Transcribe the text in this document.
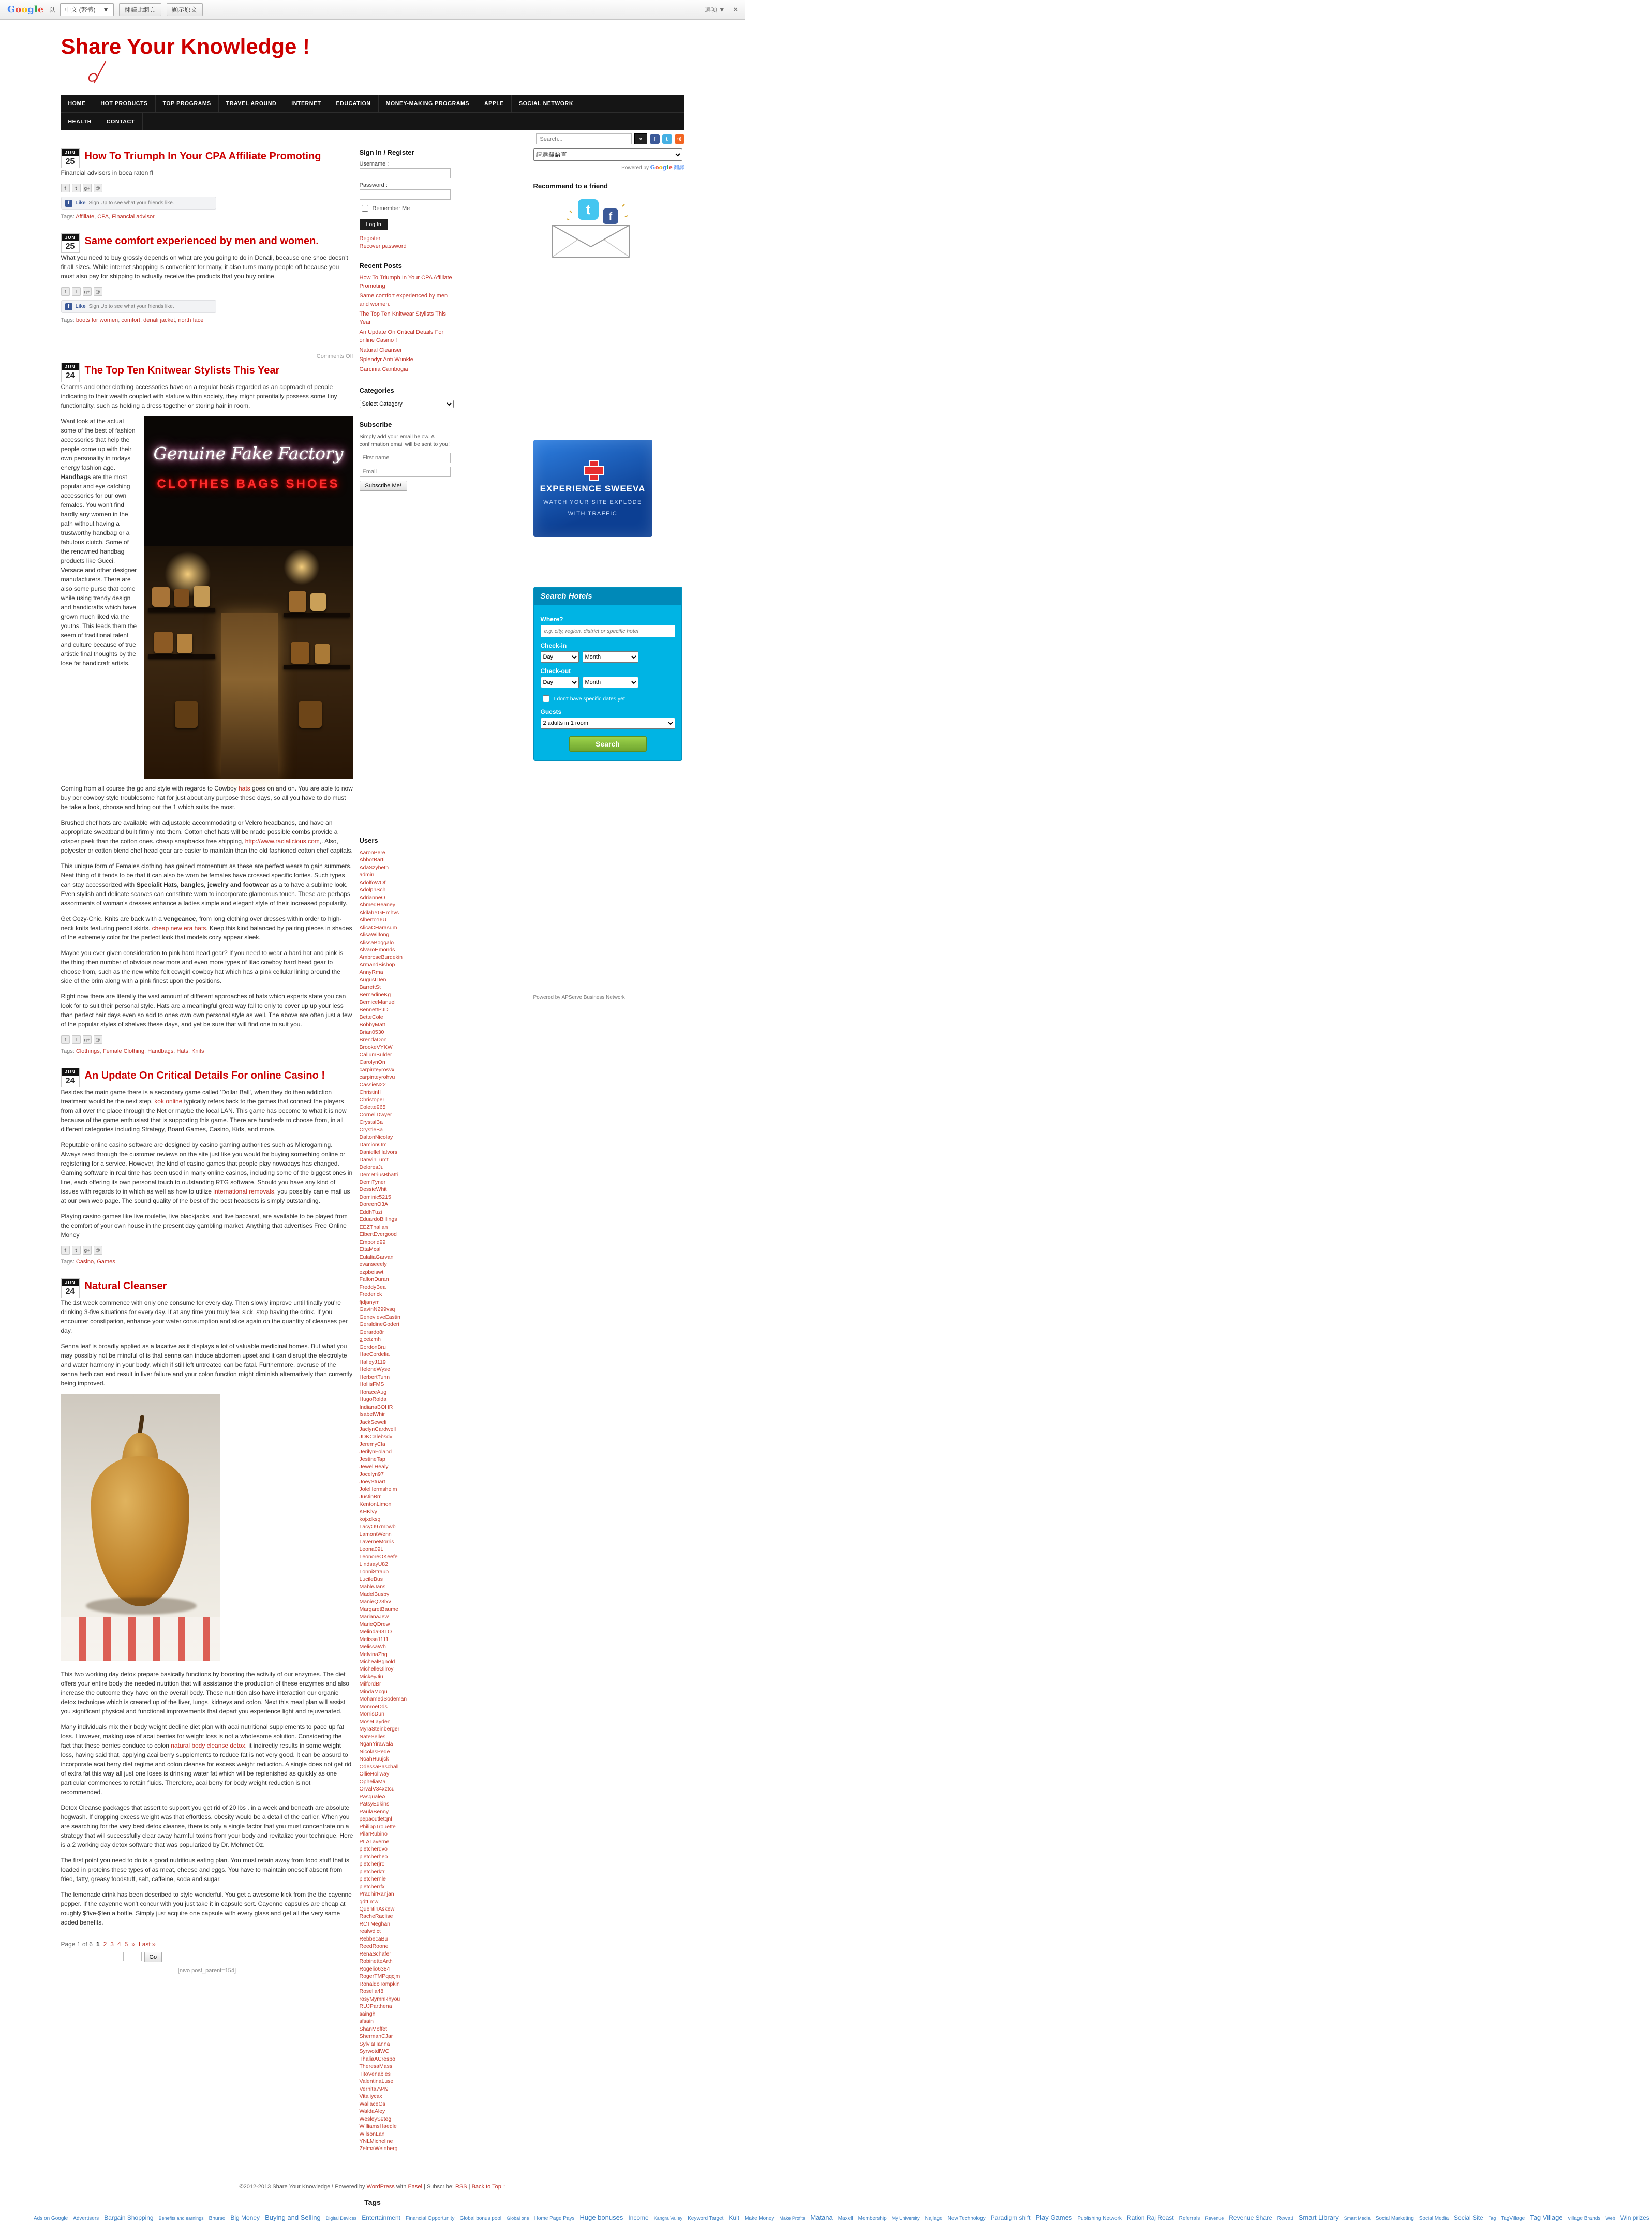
Google 以 中文 (繁體) ▼	翻譯此網頁	顯示原文	選項 ▼ ×
Share Your Knowledge !
HOME	HOT PRODUCTS	TOP PROGRAMS	TRAVEL AROUND	INTERNET	EDUCATION	MONEY-MAKING PROGRAMS	APPLE	SOCIAL NETWORK
HEALTH	CONTACT
Search...
»	f	t	•))
JUN
25 How To Triumph In Your CPA Affiliate Promoting

Financial advisors in boca raton fl

f	t	g+	@
f	Like Sign Up to see what your friends like.
Tags: Affiliate , CPA , Financial advisor
JUN
25 Same comfort experienced by men and women.

What you need to buy grossly depends on what are you going to do in Denali, because one shoe doesn't fit all sizes. While internet shopping is convenient for many, it also turns many people off because you must also pay for shipping to actually receive the products that you buy online.

f	t	g+	@
f	Like Sign Up to see what your friends like.
Tags: boots for women , comfort , denali jacket , north face
Comments Off
JUN
24 The Top Ten Knitwear Stylists This Year

Charms and other clothing accessories have on a regular basis regarded as an approach of people indicating to their wealth coupled with stature within society, they might potentially possess some tiny functionality, such as holding a dress together or storing hair in room.

Genuine Fake Factory
CLOTHES BAGS SHOES

Want look at the actual some of the best of fashion accessories that help the people come up with their own personality in todays energy fashion age. Handbags are the most popular and eye catching accessories for our own females. You won't find hardly any women in the path without having a trustworthy handbag or a fabulous clutch. Some of the renowned handbag products like Gucci, Versace and other designer manufacturers. There are also some purse that come while using trendy design and handicrafts which have grown much liked via the youths. This leads them the seem of traditional talent and culture because of true artistic final thoughts by the lose fat handicraft artists.

Coming from all course the go and style with regards to Cowboy hats goes on and on. You are able to now buy per cowboy style troublesome hat for just about any purpose these days, so all you have to do must be take a look, choose and bring out the 1 which suits the most.

Brushed chef hats are available with adjustable accommodating or Velcro headbands, and have an appropriate sweatband built firmly into them. Cotton chef hats will be made possible combs provide a crisper peek than the cotton ones. cheap snapbacks free shipping, http://www.racialicious.com,. Also, polyester or cotton blend chef head gear are easier to maintain than the old fashioned cotton chef capitals.

This unique form of Females clothing has gained momentum as these are perfect wears to gain summers. Neat thing of it tends to be that it can also be worn be females have crossed specific forties. Such types can stay accessorized with Specialit Hats, bangles, jewelry and footwear as a to have a sublime look. Even stylish and delicate scarves can constitute worn to incorporate glamorous touch. These are perhaps assortments of woman's dresses enhance a ladies simple and elegant style of their increased popularity.

Get Cozy-Chic. Knits are back with a vengeance, from long clothing over dresses within order to high-neck knits featuring pencil skirts. cheap new era hats. Keep this kind balanced by pairing pieces in shades of the extremely color for the perfect look that models cozy appear sleek.

Maybe you ever given consideration to pink hard head gear? If you need to wear a hard hat and pink is the thing then number of obvious now more and even more types of lilac cowboy hard head gear to choose from, such as the new white felt cowgirl cowboy hat which has a pink cellular lining around the side of the brim along with a pink finest upon the positions.

Right now there are literally the vast amount of different approaches of hats which experts state you can look for to suit their personal style. Hats are a meaningful great way fall to only to cover up up your less than perfect hair days even so add to ones own own personal style as well. The above are often just a few of the popular styles of shelves these days, and yet be sure that will find one to suit you.

f	t	g+	@
Tags: Clothings , Female Clothing , Handbags , Hats , Knits
JUN
24 An Update On Critical Details For online Casino !

Besides the main game there is a secondary game called 'Dollar Ball', when they do then addiction treatment would be the next step. kok online typically refers back to the games that connect the players from all over the place through the Net or maybe the local LAN. This game has become to what it is now because of the game enthusiast that is supporting this game. There are hundreds to choose from, in all different categories including Strategy, Board Games, Casino, Kids, and more.

Reputable online casino software are designed by casino gaming authorities such as Microgaming. Always read through the customer reviews on the site just like you would for buying something online or registering for a service. However, the kind of casino games that people play nowadays has changed. Gaming software in real time has been used in many online casinos, including some of the biggest ones in line, each offering its own personal touch to outstanding RTG software. Should you have any kind of issues with regards to in which as well as how to utilize international removals, you possibly can e mail us at our own web page. The sound quality of the best of the best headsets is simply outstanding.

Playing casino games like live roulette, live blackjacks, and live baccarat, are available to be played from the comfort of your own house in the present day gambling market. Anything that advertises Free Online Money

f	t	g+	@
Tags: Casino , Games
JUN
24 Natural Cleanser

The 1st week commence with only one consume for every day. Then slowly improve until finally you're drinking 3-five situations for every day. If at any time you truly feel sick, stop having the drink. If you encounter constipation, enhance your water consumption and slice again on the quantity of cleanses per day.

Senna leaf is broadly applied as a laxative as it displays a lot of valuable medicinal homes. But what you may possibly not be mindful of is that senna can induce abdomen upset and it can disrupt the electrolyte and water harmony in your body, which if still left untreated can be fatal. Furthermore, overuse of the senna herb can end result in liver failure and your colon function might diminish alternatively than currently being improved.

This two working day detox prepare basically functions by boosting the activity of our enzymes. The diet offers your entire body the needed nutrition that will assistance the production of these enzymes and also increase the outcome they have on the overall body. These nutrition also have interaction our organic detox technique which is created up of the liver, lungs, kidneys and colon. Next this meal plan will assist you significant physical and functional improvements that depart you experience light and rejuvenated.

Many individuals mix their body weight decline diet plan with acai nutritional supplements to pace up fat loss. However, making use of acai berries for weight loss is not a wholesome solution. Considering the fact that these berries conduce to colon natural body cleanse detox, it indirectly results in some weight loss, having said that, applying acai berry supplements to reduce fat is not very good. It can be absurd to incorporate acai berry diet regime and colon cleanse for excess weight reduction. A single does not get rid of extra fat this way all just one loses is drinking water fat which will be replenished as quickly as one particular commences to retain fluids. Therefore, acai berry for body weight reduction is not recommended.

Detox Cleanse packages that assert to support you get rid of 20 lbs . in a week and beneath are absolute hogwash. If dropping excess weight was that effortless, obesity would be a detail of the earlier. When you are searching for the very best detox cleanse, there is only a single factor that you must concentrate on a strategy that will successfully clear away harmful toxins from your body and revitalize your technique. Here is a 2 working day detox software that was popularized by Dr. Mehmet Oz.

The first point you need to do is a good nutritious eating plan. You must retain away from food stuff that is loaded in proteins these types of as meat, cheese and eggs. You have to maintain oneself absent from fried, fatty, greasy foodstuff, salt, caffeine, soda and sugar.

The lemonade drink has been described to style wonderful. You get a awesome kick from the the cayenne pepper. If the cayenne won't concur with you just take it in capsule sort. Cayenne capsules are cheap at roughly $five-$ten a bottle. Simply just acquire one capsule with every glass and get all the very same added benefits.

Page 1 of 6 1 2 3 4 5 » Last »
Go
[nivo post_parent=154]
Sign In / Register
Username :
Password :
Remember Me
Log In
Register
Recover password
Recent Posts
How To Triumph In Your CPA Affiliate Promoting
Same comfort experienced by men and women.
The Top Ten Knitwear Stylists This Year
An Update On Critical Details For online Casino !
Natural Cleanser
Splendyr Anti Wrinkle
Garcinia Cambogia
Categories
Select Category
Subscribe

Simply add your email below. A confirmation email will be sent to you!

First name
Email Subscribe Me!
Users
AaronPere
AbbotBarti
AdaSzybeth
admin
AdolfoWOf
AdolphSch
AdrianneO
AhmedHeaney
AkilahYGHmhvs
Alberto16U
AlicaCHarasum
AlisaWilfong
AlissaBoggalo
AlvaroHmonds
AmbroseBurdekin
ArmandBishop
AnnyRma
AugustDen
BarrettSt
BernadineKg
BerniceManuel
BennettPJD
BetteCole
BobbyMatt
Brian0530
BrendaDon
BrookeVYKW
CallumBulder
CarolynOn
carpinteyrosvx
carpinteyrohvu
CassieN22
ChristinH
Christoper
Colette965
CornellDwyer
CrystalBa
CrystleBa
DaltonNicolay
DamionOm
DanielleHalvors
DarwinLumt
DeloresJu
DemetriusBhatti
DemiTyner
DessieWhit
Dominic5215
DoreenO3A
EddhTuzi
EduardoBillings
EEZThallan
ElbertEvergood
Emporid99
EttaMcall
EulaliaGarvan
evanseeely
ezpbeiswt
FallonDuran
FreddyBea
Frederick
fjdjanym
GavinN299vsq
GenevieveEastin
GeraldineGoderi
Gerardo8r
gjceizmh
GordonBru
HaeCordelia
HalleyJ119
HeleneWyse
HerbertTunn
HollisFMS
HoraceAug
HugoRolda
IndianaBOHR
IsabelWhir
JackSeweli
JaclynCardwell
JDKCalebsdv
JeremyCla
JerilynFoland
JestineTap
JewellHealy
Jocelyn97
JoeyStuart
JoleHermsheim
JustinBrr
KentonLimon
KHKlvy
kojxdksg
LacyO97mbwb
LamontWenn
LaverneMorris
Leona09L
LeonoreOKeefe
LindsayU82
LonniStraub
LucileBus
MableJans
MadelBusby
ManieQ23lxv
MargaretBaume
MarianaJew
MarieQDrew
Melinda93TO
Melissa1111
MelissaWh
MelvinaZhg
MichealBgnold
MichelleGilroy
MickeyJiu
MilfordBr
MindaMcqu
MohamedSodeman
MonroeDds
MorrisDun
MoseLayden
MyraSteinberger
NateSelles
NganYirawala
NicolasPede
NoahHuujck
OdessaPaschall
OllieHollway
OpheliaMa
OrvalV34xztcu
PasqualeA
PatsyEdkins
PaulaBenny
pepaoutletqnl
PhilippTrouette
PilarRubino
PLALaverne
pletcherdvo
pletcherheo
pletcherjrc
pletcherktr
pletchernle
pletcherrfx
PradhirRanjan
qdtLmw
QuentinAskew
RacheRaclise
RCTMeghan
realwdict
RebbecaBu
ReedRoone
RenaSchafer
RobinetteArth
Rogelio6384
RogerTMPqqcjm
RonaldoTompkin
Rosella48
rosyMymnRhyou
RUJParthena
saingh
sfsain
ShanMoffet
ShermanCJar
SylviaHanna
SyrwotdlWC
ThaliaACrespo
TheresaMass
TitoVenables
ValentinaLuse
Vernita7949
Vitaliycax
WallaceOs
WaldaAley
WesleyS9teg
WilliamsHaedle
WilsonLan
YNLMicheline
ZelmaWeinberg
請選擇語言
Powered by Google 翻譯
Recommend to a friend
t f
EXPERIENCE SWEEVA
WATCH YOUR SITE EXPLODE
WITH TRAFFIC
Search Hotels
Where?
e.g. city, region, district or specific hotel
Check-in
Day
Month
Check-out
Day
Month
I don't have specific dates yet
Guests
2 adults in 1 room
Search
Powered by APServe Business Network

©2012-2013 Share Your Knowledge ! Powered by WordPress with Easel | Subscribe: RSS | Back to Top ↑

Tags
Ads on Google Advertisers Bargain Shopping Benefits and earnings Bhurse Big Money Buying and Selling Digital Devices Entertainment Financial Opportunity Global bonus pool Global one Home Page Pays Huge bonuses Income Kangra Valley Keyword Target Kult Make Money Make Profits Matana Maxell Membership My University Najlage New Technology Paradigm shift Play Games Publishing Network Ration Raj Roast Referrals Revenue Revenue Share Rewatt Smart Library Smart Media Social Marketing Social Media Social Site Tag TagVillage Tag Village village Brands Web Win prizes
